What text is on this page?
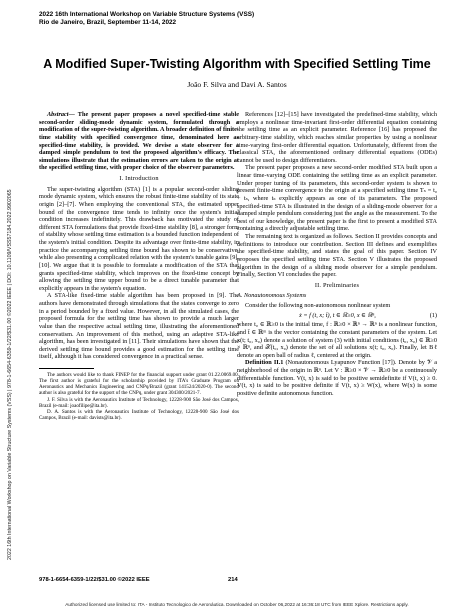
2022 16th International Workshop on Variable Structure Systems (VSS)
Rio de Janeiro, Brazil, September 11-14, 2022
A Modified Super-Twisting Algorithm with Specified Settling Time
João F. Silva and Davi A. Santos
2022 16th International Workshop on Variable Structure Systems (VSS) | 978-1-6654-6359-1/22/$31.00 ©2022 IEEE | DOI: 10.1109/VSS57184.2022.9902065

Abstract— The present paper proposes a novel specified-time stable second-order sliding-mode dynamic system, formulated through a modification of the super-twisting algorithm. A broader definition of finite-time stability with specified convergence time, denominated here as specified-time stability, is provided. We devise a state observer for a damped simple pendulum to test the proposed algorithm's efficacy. The simulations illustrate that the estimation errors are taken to the origin at the specified settling time, with proper choice of the observer parameters.

I. Introduction

The super-twisting algorithm (STA) [1] is a popular second-order sliding mode dynamic system, which ensures the robust finite-time stability of its state origin [2]–[7]. When employing the conventional STA, the estimated upper bound of the convergence time tends to infinity once the system's initial condition increases indefinitely. This drawback has motivated the study of different STA formulations that provide fixed-time stability [8], a stronger form of stability whose settling time estimation is a bounded function independent of the system's initial condition. Despite its advantage over finite-time stability, in practice the accompanying settling time bound has shown to be conservative, while also presenting a complicated relation with the system's tunable gains [9], [10]. We argue that it is possible to formulate a modification of the STA that grants specified-time stability, which improves on the fixed-time concept by allowing the settling time upper bound to be a direct tunable parameter that explicitly appears in the system's equation.

A STA-like fixed-time stable algorithm has been proposed in [9]. The authors have demonstrated through simulations that the states converge to zero in a period bounded by a fixed value. However, in all the simulated cases, the proposed formula for the settling time has shown to provide a much larger value than the respective actual settling time, illustrating the aforementioned conservatism. An improvement of this method, using an adaptive STA-like algorithm, has been investigated in [11]. Their simulations have shown that the derived settling time bound provides a good estimation for the settling time itself, although it has considered convergence in a practical sense.

The authors would like to thank FINEP for the financial support under grant 01.22.0069.00. The first author is grateful for the scholarship provided by ITA's Graduate Program on Aeronautics and Mechanics Engineering and CNPq/Brazil (grant 141524/2020-0). The second author is also grateful for the support of the CNPq, under grant 304300/2021-7.

J. F. Silva is with the Aeronautics Institute of Technology, 12228-900 São José dos Campos, Brazil (e-mail: joaofilipe@ita.br).

D. A. Santos is with the Aeronautics Institute of Technology, 12228-900 São José dos Campos, Brazil (e-mail: davists@ita.br).

References [12]–[15] have investigated the predefined-time stability, which employs a nonlinear time-invariant first-order differential equation containing the settling time as an explicit parameter. Reference [16] has proposed the arbitrary-time stability, which reaches similar properties by using a nonlinear time-varying first-order differential equation. Unfortunately, different from the classical STA, the aforementioned ordinary differential equations (ODEs) cannot be used to design differentiators.

The present paper proposes a new second-order modified STA built upon a linear time-varying ODE containing the settling time as an explicit parameter. Under proper tuning of its parameters, this second-order system is shown to present finite-time convergence to the origin at a specified settling time Tₛ = t₀ + tₛ, where tₛ explicitly appears as one of its parameters. The proposed specified-time STA is illustrated in the design of a sliding-mode observer for a damped simple pendulum considering just the angle as the measurement. To the best of our knowledge, the present paper is the first to present a modified STA containing a directly adjustable settling time.

The remaining text is organized as follows. Section II provides concepts and definitions to introduce our contribution. Section III defines and exemplifies the specified-time stability, and states the goal of this paper. Section IV proposes the specified settling time STA. Section V illustrates the proposed algorithm in the design of a sliding mode observer for a simple pendulum. Finally, Section VI concludes the paper.

II. Preliminaries

A. Nonautonomous Systems

Consider the following non-autonomous nonlinear system

ẋ = f (t, x; t̄), t ∈ ℝ≥0, x ∈ ℝⁿ,	(1)

where t₀ ∈ ℝ≥0 is the initial time, f : ℝ≥0 × ℝⁿ → ℝⁿ is a nonlinear function, and t̄ ∈ ℝᵐ is the vector containing the constant parameters of the system. Let x(t; t₀, x₀) denote a solution of system (3) with initial conditions (t₀, x₀) ∈ ℝ≥0 × ℝⁿ, and 𝒳(t₀, x₀) denote the set of all solutions x(t; t₀, x₀). Finally, let Bℓ denote an open ball of radius ℓ, centered at the origin.

Definition II.1 (Nonautonomous Lyapunov Function [17]). Denote by 𝒱 a neighborhood of the origin in ℝⁿ. Let V : ℝ≥0 × 𝒱 → ℝ≥0 be a continuously differentiable function. V(t, x) is said to be positive semidefinite if V(t, x) ≥ 0. V(t, x) is said to be positive definite if V(t, x) ≥ W(x), where W(x) is some positive definite autonomous function.

978-1-6654-6359-1/22/$31.00 ©2022 IEEE	214
Authorized licensed use limited to: ITA - Instituto Tecnologico de Aeronáutica. Downloaded on October 06,2022 at 16:36:18 UTC from IEEE Xplore. Restrictions apply.
